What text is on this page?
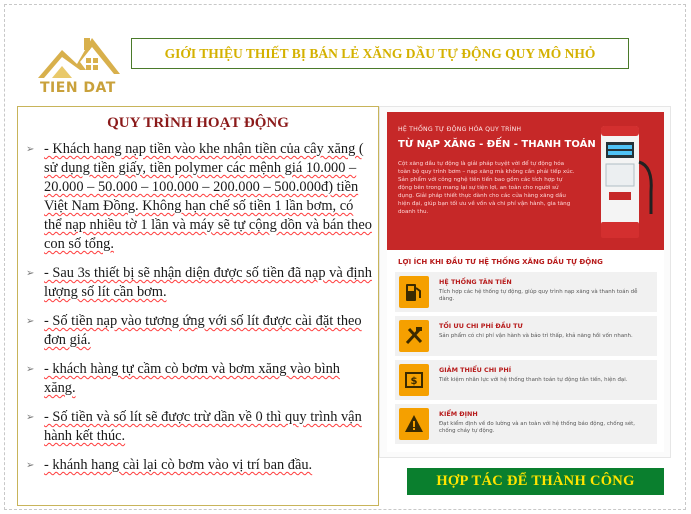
TIEN DAT
GIỚI THIỆU THIẾT BỊ BÁN LẺ XĂNG DẦU TỰ ĐỘNG QUY MÔ NHỎ
QUY TRÌNH HOẠT ĐỘNG
➢ - Khách hang nạp tiền vào khe nhận tiền của cây xăng ( sử dụng tiền giấy, tiền polymer các mệnh giá 10.000 – 20.000 – 50.000 – 100.000 – 200.000 – 500.000đ) tiền Việt Nam Đồng. Không hạn chế số tiền 1 lần bơm, có thể nạp nhiều tờ 1 lần và máy sẽ tự cộng dồn và bán theo con số tổng.
➢ - Sau 3s thiết bị sẽ nhận diện được số tiền đã nạp và định lượng số lít cần bơm.
➢ - Số tiền nạp vào tương ứng với số lít được cài đặt theo đơn giá.
➢ - khách hàng tự cầm cò bơm và bơm xăng vào bình xăng.
➢ - Số tiền và số lít sẽ được trừ dần về 0 thì quy trình vận hành kết thúc.
➢ - khánh hang cài lại cò bơm vào vị trí ban đầu.
HỆ THỐNG TỰ ĐỘNG HÓA QUY TRÌNH
TỪ NẠP XĂNG - ĐẾN - THANH TOÁN
Cột xăng dầu tự động là giải pháp tuyệt vời để tự động hóa toàn bộ quy trình bơm – nạp xăng mà không cần phải tiếp xúc. Sản phẩm với công nghệ tiên tiến bao gồm các tích hợp tự động bên trong mang lại sự tiện lợi, an toàn cho người sử dụng. Giải pháp thiết thực dành cho các cửa hàng xăng dầu hiện đại, giúp bạn tối ưu về vốn và chi phí vận hành, gia tăng doanh thu.
LỢI ÍCH KHI ĐẦU TƯ HỆ THỐNG XĂNG DẦU TỰ ĐỘNG
HỆ THỐNG TÂN TIẾN
Tích hợp các hệ thống tự động, giúp quy trình nạp xăng và thanh toán dễ dàng.
TỐI ƯU CHI PHÍ ĐẦU TƯ
Sản phẩm có chi phí vận hành và bảo trì thấp, khả năng hồi vốn nhanh.
$
GIẢM THIỂU CHI PHÍ
Tiết kiệm nhân lực với hệ thống thanh toán tự động tân tiến, hiện đại.
KIỂM ĐỊNH
Đạt kiểm định về đo lường và an toàn với hệ thống báo động, chống sét, chống cháy tự động.
HỢP TÁC ĐỂ THÀNH CÔNG
